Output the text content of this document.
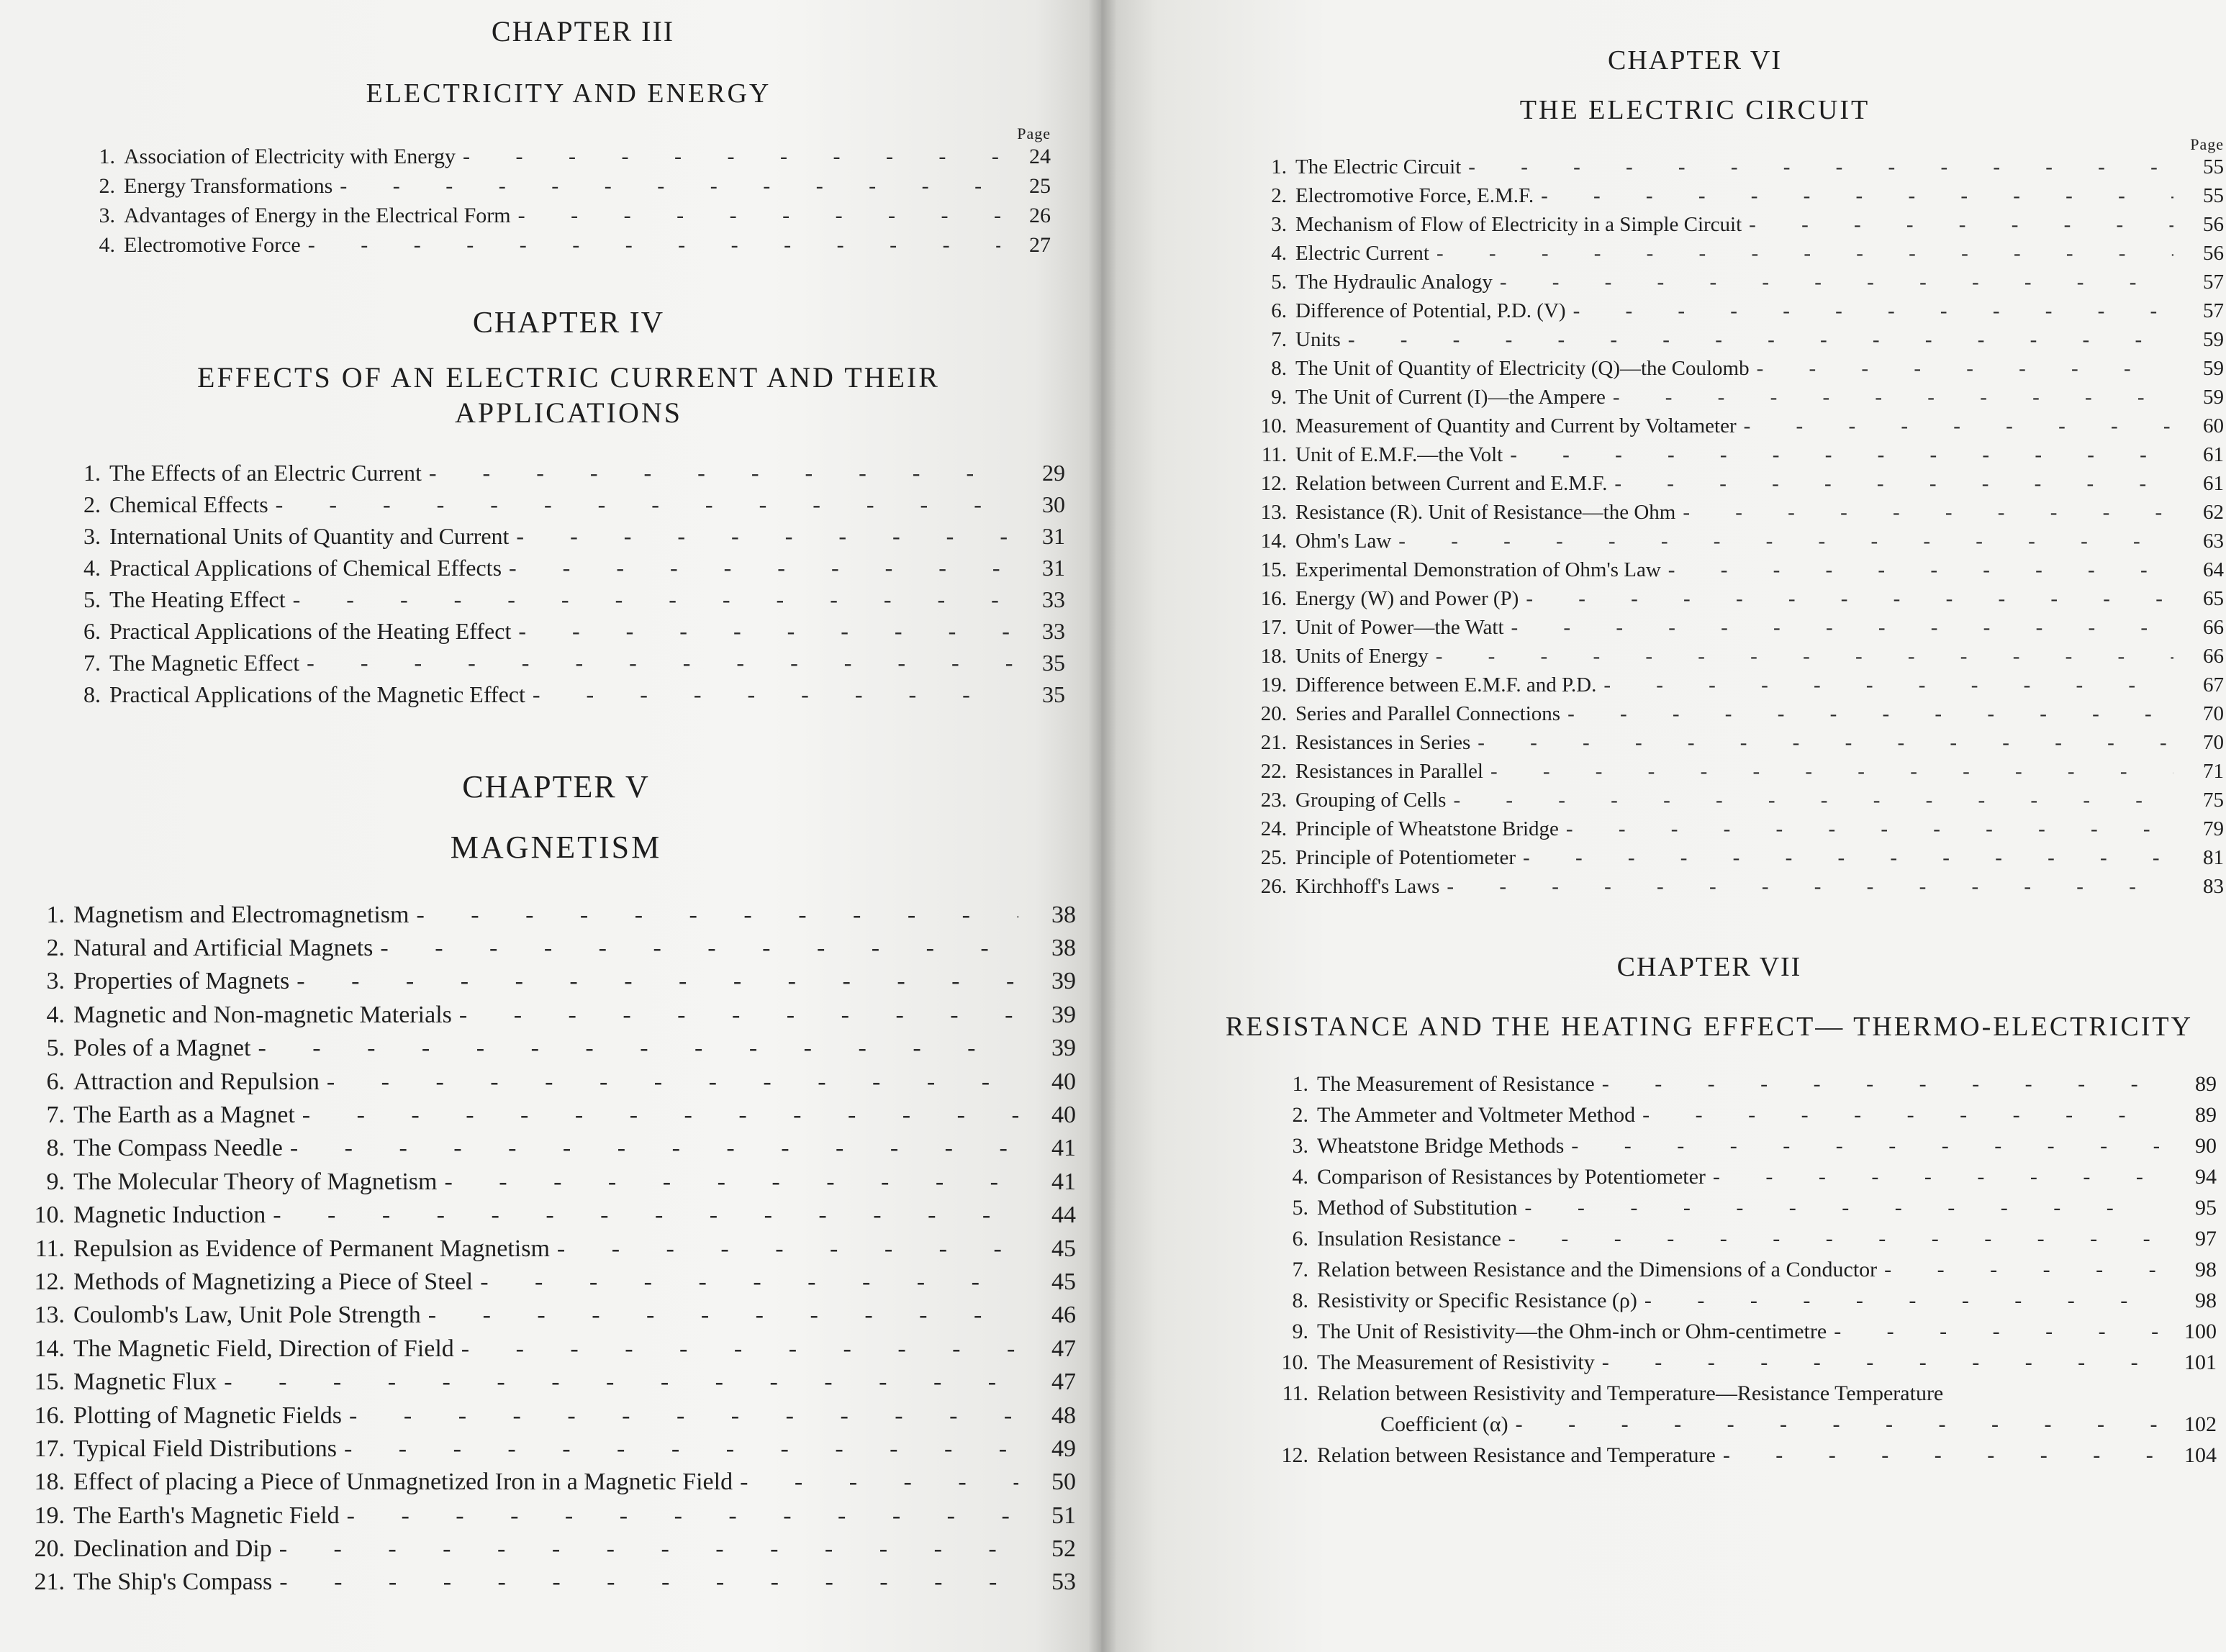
CHAPTER III
ELECTRICITY AND ENERGY
Page
1. Association of Electricity with Energy - - -	24
2. Energy Transformations - - -	25
3. Advantages of Energy in the Electrical Form - - -	26
4. Electromotive Force - - -	27
CHAPTER IV
EFFECTS OF AN ELECTRIC CURRENT AND THEIR APPLICATIONS
1. The Effects of an Electric Current - - -	29
2. Chemical Effects - - -	30
3. International Units of Quantity and Current - - -	31
4. Practical Applications of Chemical Effects - - -	31
5. The Heating Effect - - -	33
6. Practical Applications of the Heating Effect - - -	33
7. The Magnetic Effect - - -	35
8. Practical Applications of the Magnetic Effect - - -	35
CHAPTER V
MAGNETISM
1. Magnetism and Electromagnetism - - -	38
2. Natural and Artificial Magnets - - -	38
3. Properties of Magnets - - -	39
4. Magnetic and Non-magnetic Materials - - -	39
5. Poles of a Magnet - - -	39
6. Attraction and Repulsion - - -	40
7. The Earth as a Magnet - - -	40
8. The Compass Needle - - -	41
9. The Molecular Theory of Magnetism - - -	41
10. Magnetic Induction - - -	44
11. Repulsion as Evidence of Permanent Magnetism - - -	45
12. Methods of Magnetizing a Piece of Steel - - -	45
13. Coulomb's Law, Unit Pole Strength - - -	46
14. The Magnetic Field, Direction of Field - - -	47
15. Magnetic Flux - - -	47
16. Plotting of Magnetic Fields - - -	48
17. Typical Field Distributions - - -	49
18. Effect of placing a Piece of Unmagnetized Iron in a Magnetic Field - - -	50
19. The Earth's Magnetic Field - - -	51
20. Declination and Dip - - -	52
21. The Ship's Compass - - -	53
CHAPTER VI
THE ELECTRIC CIRCUIT
Page
1. The Electric Circuit - - -	55
2. Electromotive Force, E.M.F. - - -	55
3. Mechanism of Flow of Electricity in a Simple Circuit - - -	56
4. Electric Current - - -	56
5. The Hydraulic Analogy - - -	57
6. Difference of Potential, P.D. (V) - - -	57
7. Units - - -	59
8. The Unit of Quantity of Electricity (Q)—the Coulomb - - -	59
9. The Unit of Current (I)—the Ampere - - -	59
10. Measurement of Quantity and Current by Voltameter - - -	60
11. Unit of E.M.F.—the Volt - - -	61
12. Relation between Current and E.M.F. - - -	61
13. Resistance (R). Unit of Resistance—the Ohm - - -	62
14. Ohm's Law - - -	63
15. Experimental Demonstration of Ohm's Law - - -	64
16. Energy (W) and Power (P) - - -	65
17. Unit of Power—the Watt - - -	66
18. Units of Energy - - -	66
19. Difference between E.M.F. and P.D. - - -	67
20. Series and Parallel Connections - - -	70
21. Resistances in Series - - -	70
22. Resistances in Parallel - - -	71
23. Grouping of Cells - - -	75
24. Principle of Wheatstone Bridge - - -	79
25. Principle of Potentiometer - - -	81
26. Kirchhoff's Laws - - -	83
CHAPTER VII
RESISTANCE AND THE HEATING EFFECT— THERMO-ELECTRICITY
1. The Measurement of Resistance - - -	89
2. The Ammeter and Voltmeter Method - - -	89
3. Wheatstone Bridge Methods - - -	90
4. Comparison of Resistances by Potentiometer - - -	94
5. Method of Substitution - - -	95
6. Insulation Resistance - - -	97
7. Relation between Resistance and the Dimensions of a Conductor - - -	98
8. Resistivity or Specific Resistance (ρ) - - -	98
9. The Unit of Resistivity—the Ohm-inch or Ohm-centimetre - - -	100
10. The Measurement of Resistivity - - -	101
11. Relation between Resistivity and Temperature—Resistance Temperature
Coefficient (α) - - -	102
12. Relation between Resistance and Temperature - - -	104
